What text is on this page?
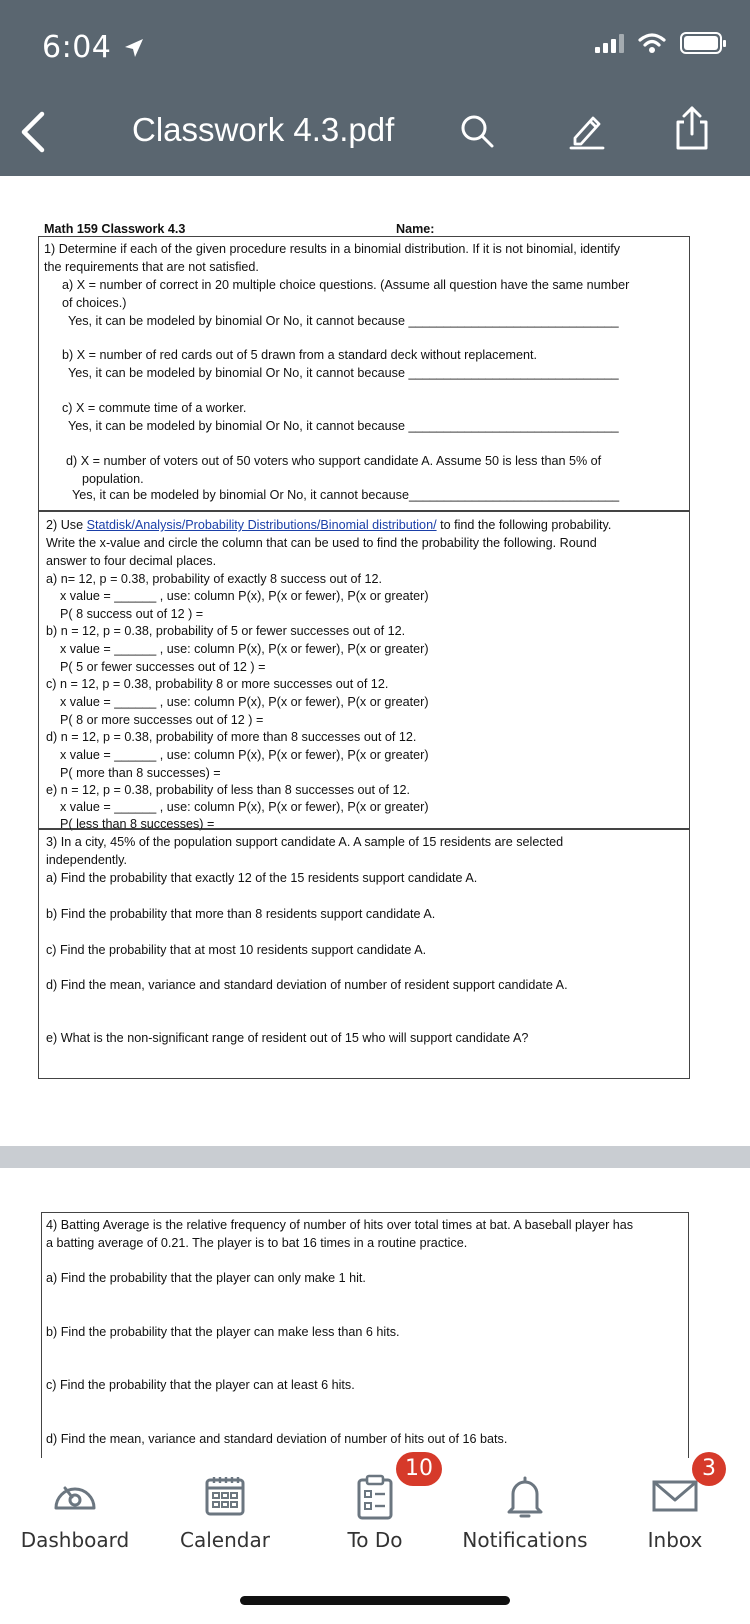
6:04
Classwork 4.3.pdf
Math 159 Classwork 4.3	Name:
1) Determine if each of the given procedure results in a binomial distribution. If it is not binomial, identify
the requirements that are not satisfied.
a) X = number of correct in 20 multiple choice questions. (Assume all question have the same number
of choices.)
Yes, it can be modeled by binomial Or No, it cannot because ______________________________
b) X = number of red cards out of 5 drawn from a standard deck without replacement.
Yes, it can be modeled by binomial Or No, it cannot because ______________________________
c) X = commute time of a worker.
Yes, it can be modeled by binomial Or No, it cannot because ______________________________
d) X = number of voters out of 50 voters who support candidate A. Assume 50 is less than 5% of
population.
Yes, it can be modeled by binomial Or No, it cannot because______________________________
2) Use Statdisk/Analysis/Probability Distributions/Binomial distribution/ to find the following probability.
Write the x-value and circle the column that can be used to find the probability the following. Round
answer to four decimal places.
a) n= 12, p = 0.38, probability of exactly 8 success out of 12.
x value = ______ , use: column P(x), P(x or fewer), P(x or greater)
P( 8 success out of 12 ) =
b) n = 12, p = 0.38, probability of 5 or fewer successes out of 12.
x value = ______ , use: column P(x), P(x or fewer), P(x or greater)
P( 5 or fewer successes out of 12 ) =
c) n = 12, p = 0.38, probability 8 or more successes out of 12.
x value = ______ , use: column P(x), P(x or fewer), P(x or greater)
P( 8 or more successes out of 12 ) =
d) n = 12, p = 0.38, probability of more than 8 successes out of 12.
x value = ______ , use: column P(x), P(x or fewer), P(x or greater)
P( more than 8 successes) =
e) n = 12, p = 0.38, probability of less than 8 successes out of 12.
x value = ______ , use: column P(x), P(x or fewer), P(x or greater)
P( less than 8 successes) =
3) In a city, 45% of the population support candidate A. A sample of 15 residents are selected
independently.
a) Find the probability that exactly 12 of the 15 residents support candidate A.
b) Find the probability that more than 8 residents support candidate A.
c) Find the probability that at most 10 residents support candidate A.
d) Find the mean, variance and standard deviation of number of resident support candidate A.
e) What is the non-significant range of resident out of 15 who will support candidate A?
4) Batting Average is the relative frequency of number of hits over total times at bat. A baseball player has
a batting average of 0.21. The player is to bat 16 times in a routine practice.
a) Find the probability that the player can only make 1 hit.
b) Find the probability that the player can make less than 6 hits.
c) Find the probability that the player can at least 6 hits.
d) Find the mean, variance and standard deviation of number of hits out of 16 bats.
Dashboard	Calendar	To Do
10
Notifications	Inbox
3
